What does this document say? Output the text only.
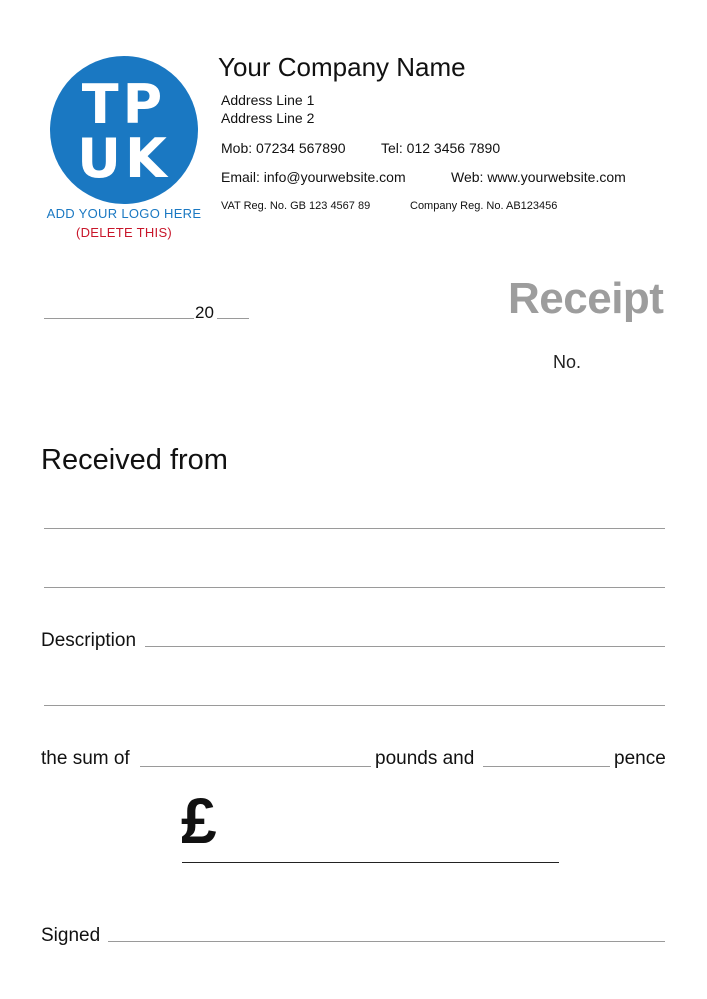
TP
UK
ADD YOUR LOGO HERE
(DELETE THIS)
Your Company Name
Address Line 1
Address Line 2
Mob: 07234 567890	Tel: 012 3456 7890
Email: info@yourwebsite.com	Web: www.yourwebsite.com
VAT Reg. No. GB 123 4567 89	Company Reg. No. AB123456
20	Receipt
No.
Received from
Description
the sum of	pounds and	pence
£
Signed
